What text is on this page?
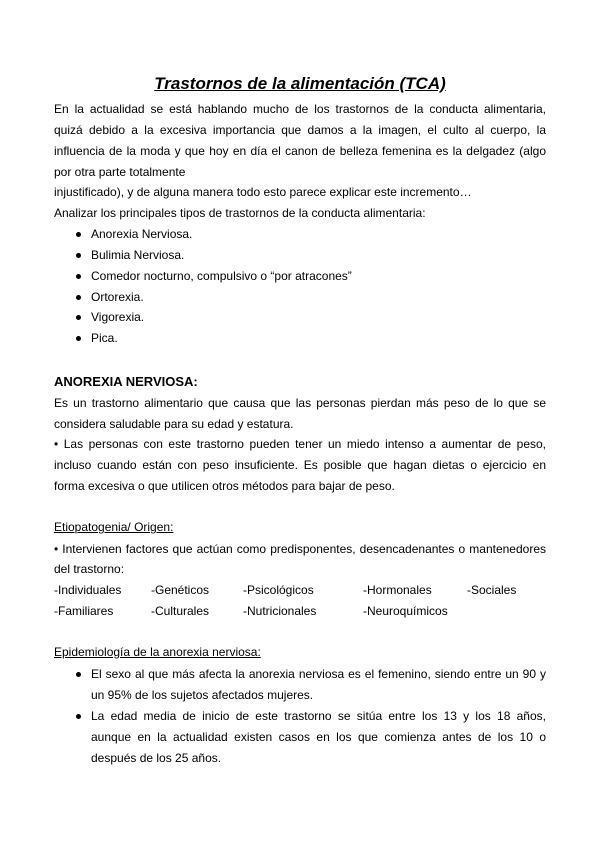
Trastornos de la alimentación (TCA)
En la actualidad se está hablando mucho de los trastornos de la conducta alimentaria,
quizá debido a la excesiva importancia que damos a la imagen, el culto al cuerpo, la
influencia de la moda y que hoy en día el canon de belleza femenina es la delgadez (algo
por otra parte totalmente
injustificado), y de alguna manera todo esto parece explicar este incremento…
Analizar los principales tipos de trastornos de la conducta alimentaria:
Anorexia Nerviosa.
Bulimia Nerviosa.
Comedor nocturno, compulsivo o “por atracones”
Ortorexia.
Vigorexia.
Pica.
ANOREXIA NERVIOSA:
Es un trastorno alimentario que causa que las personas pierdan más peso de lo que se
considera saludable para su edad y estatura.
• Las personas con este trastorno pueden tener un miedo intenso a aumentar de peso,
incluso cuando están con peso insuficiente. Es posible que hagan dietas o ejercicio en
forma excesiva o que utilicen otros métodos para bajar de peso.
Etiopatogenia/ Origen:
• Intervienen factores que actúan como predisponentes, desencadenantes o mantenedores
del trastorno:
-Individuales -Genéticos	-Psicológicos	-Hormonales	-Sociales
-Familiares	-Culturales	-Nutricionales	-Neuroquímicos
Epidemiología de la anorexia nerviosa:
El sexo al que más afecta la anorexia nerviosa es el femenino, siendo entre un 90 y
un 95% de los sujetos afectados mujeres.
La edad media de inicio de este trastorno se sitúa entre los 13 y los 18 años,
aunque en la actualidad existen casos en los que comienza antes de los 10 o
después de los 25 años.
